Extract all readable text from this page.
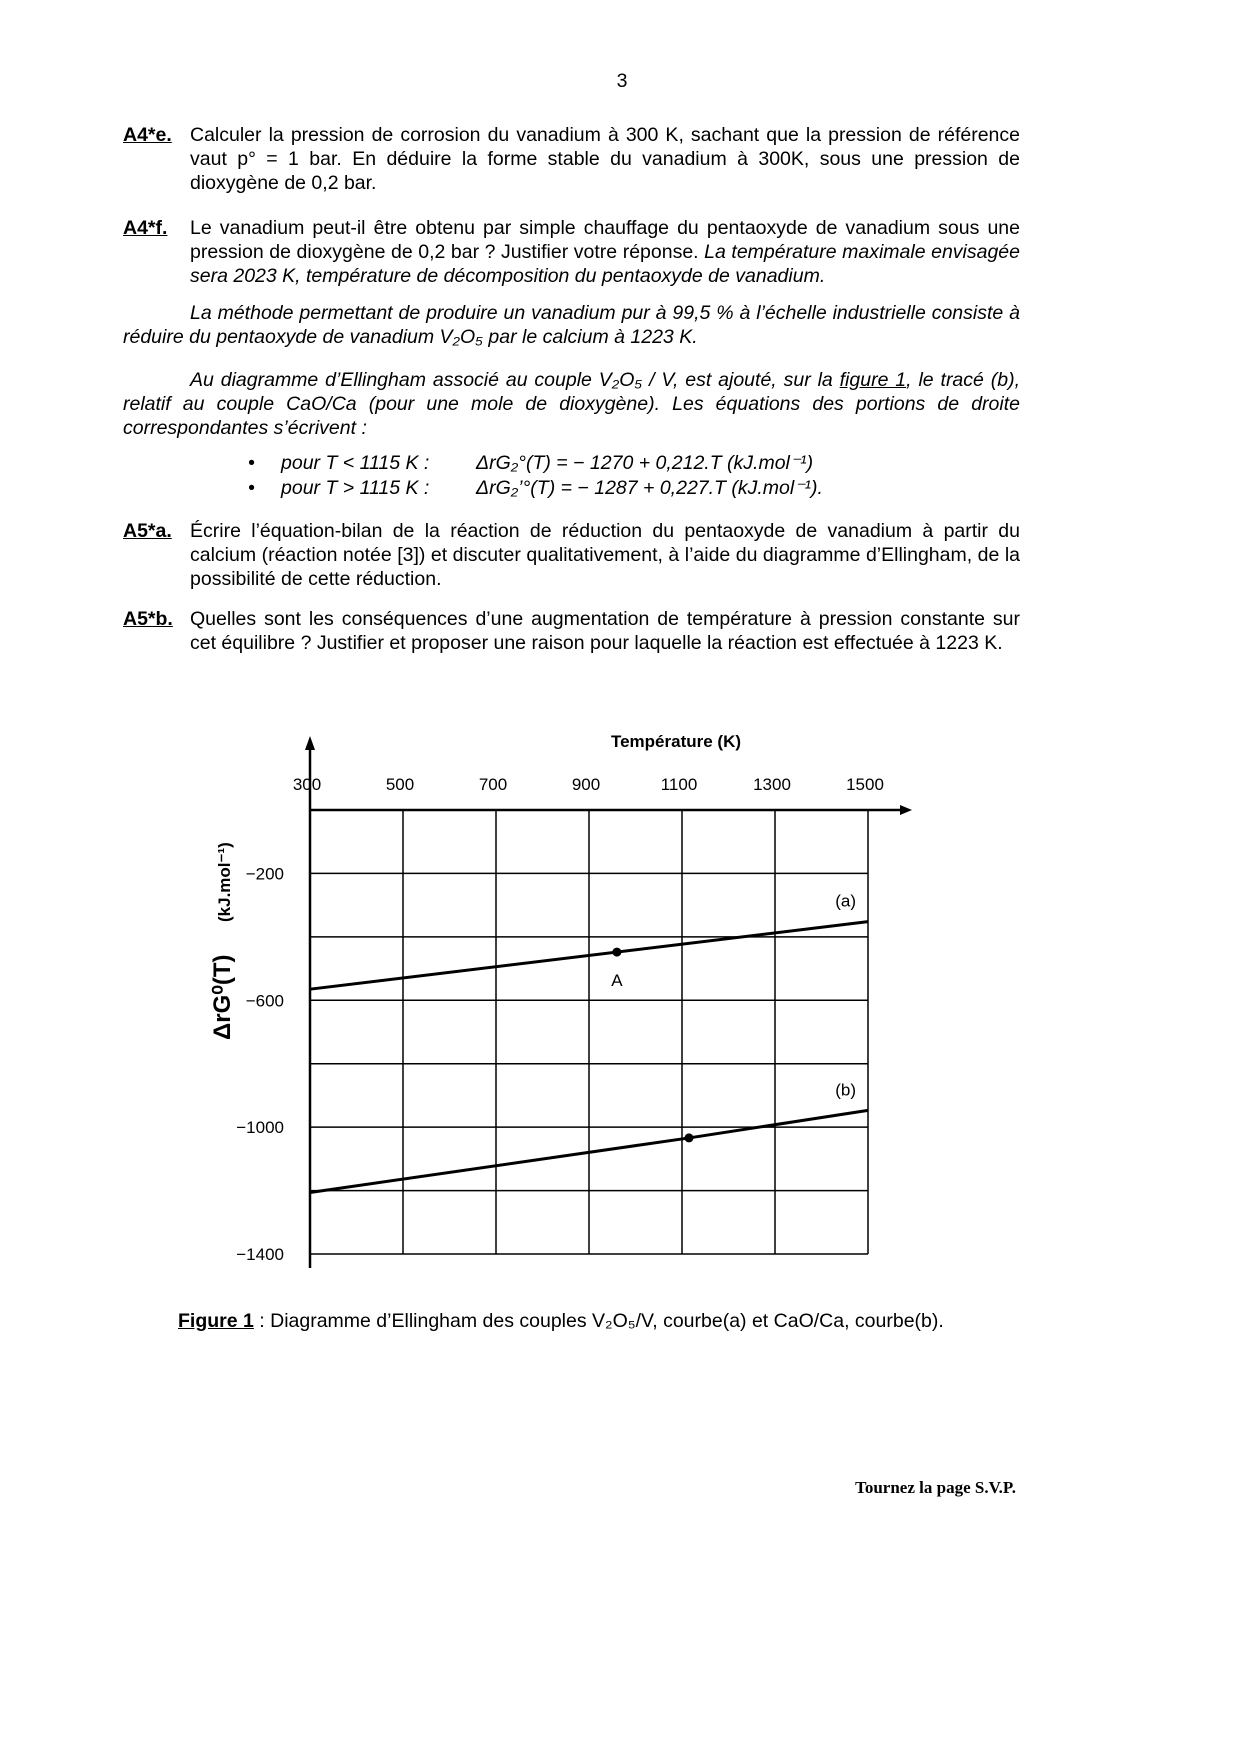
3
A4*e. Calculer la pression de corrosion du vanadium à 300 K, sachant que la pression de référence vaut p° = 1 bar. En déduire la forme stable du vanadium à 300K, sous une pression de dioxygène de 0,2 bar.
A4*f. Le vanadium peut-il être obtenu par simple chauffage du pentaoxyde de vanadium sous une pression de dioxygène de 0,2 bar ? Justifier votre réponse. La température maximale envisagée sera 2023 K, température de décomposition du pentaoxyde de vanadium.
La méthode permettant de produire un vanadium pur à 99,5 % à l’échelle industrielle consiste à réduire du pentaoxyde de vanadium V₂O₅ par le calcium à 1223 K.
Au diagramme d’Ellingham associé au couple V₂O₅ / V, est ajouté, sur la figure 1, le tracé (b), relatif au couple CaO/Ca (pour une mole de dioxygène). Les équations des portions de droite correspondantes s’écrivent :
• pour T < 1115 K : ΔrG₂°(T) = − 1270 + 0,212.T (kJ.mol⁻¹)
• pour T > 1115 K : ΔrG₂’°(T) = − 1287 + 0,227.T (kJ.mol⁻¹).
A5*a. Écrire l’équation-bilan de la réaction de réduction du pentaoxyde de vanadium à partir du calcium (réaction notée [3]) et discuter qualitativement, à l’aide du diagramme d’Ellingham, de la possibilité de cette réduction.
A5*b. Quelles sont les conséquences d’une augmentation de température à pression constante sur cet équilibre ? Justifier et proposer une raison pour laquelle la réaction est effectuée à 1223 K.
300	500	700	900	1100	1300	1500
−200
−600
−1000
−1400
(a)
(b)
A
Température (K)
ΔrG⁰(T)
(kJ.mol⁻¹)
Figure 1 : Diagramme d’Ellingham des couples V₂O₅/V, courbe(a) et CaO/Ca, courbe(b).
Tournez la page S.V.P.
